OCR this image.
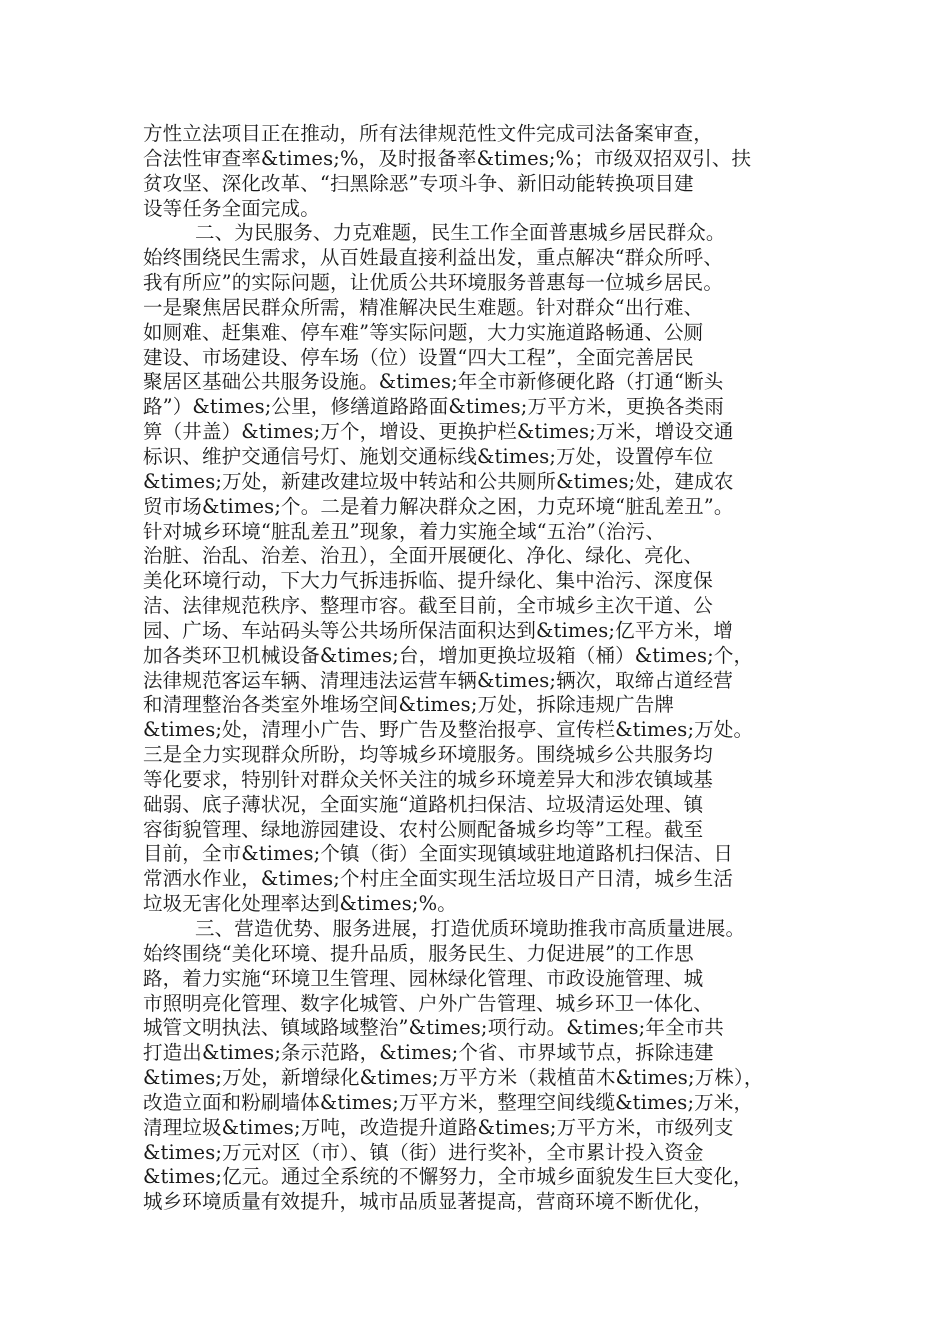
方性立法项目正在推动，所有法律规范性文件完成司法备案审查，
合法性审查率&times;%，及时报备率&times;%；市级双招双引、扶
贫攻坚、深化改革、“扫黑除恶”专项斗争、新旧动能转换项目建
设等任务全面完成。
二、为民服务、力克难题，民生工作全面普惠城乡居民群众。
始终围绕民生需求，从百姓最直接利益出发，重点解决“群众所呼、
我有所应”的实际问题，让优质公共环境服务普惠每一位城乡居民。
一是聚焦居民群众所需，精准解决民生难题。针对群众“出行难、
如厕难、赶集难、停车难”等实际问题，大力实施道路畅通、公厕
建设、市场建设、停车场（位）设置“四大工程”，全面完善居民
聚居区基础公共服务设施。&times;年全市新修硬化路（打通“断头
路”）&times;公里，修缮道路路面&times;万平方米，更换各类雨
箅（井盖）&times;万个，增设、更换护栏&times;万米，增设交通
标识、维护交通信号灯、施划交通标线&times;万处，设置停车位
&times;万处，新建改建垃圾中转站和公共厕所&times;处，建成农
贸市场&times;个。二是着力解决群众之困，力克环境“脏乱差丑”。
针对城乡环境“脏乱差丑”现象，着力实施全域“五治”（治污、
治脏、治乱、治差、治丑），全面开展硬化、净化、绿化、亮化、
美化环境行动，下大力气拆违拆临、提升绿化、集中治污、深度保
洁、法律规范秩序、整理市容。截至目前，全市城乡主次干道、公
园、广场、车站码头等公共场所保洁面积达到&times;亿平方米，增
加各类环卫机械设备&times;台，增加更换垃圾箱（桶）&times;个，
法律规范客运车辆、清理违法运营车辆&times;辆次，取缔占道经营
和清理整治各类室外堆场空间&times;万处，拆除违规广告牌
&times;处，清理小广告、野广告及整治报亭、宣传栏&times;万处。
三是全力实现群众所盼，均等城乡环境服务。围绕城乡公共服务均
等化要求，特别针对群众关怀关注的城乡环境差异大和涉农镇域基
础弱、底子薄状况，全面实施“道路机扫保洁、垃圾清运处理、镇
容街貌管理、绿地游园建设、农村公厕配备城乡均等”工程。截至
目前，全市&times;个镇（街）全面实现镇域驻地道路机扫保洁、日
常洒水作业，&times;个村庄全面实现生活垃圾日产日清，城乡生活
垃圾无害化处理率达到&times;%。
三、营造优势、服务进展，打造优质环境助推我市高质量进展。
始终围绕“美化环境、提升品质，服务民生、力促进展”的工作思
路，着力实施“环境卫生管理、园林绿化管理、市政设施管理、城
市照明亮化管理、数字化城管、户外广告管理、城乡环卫一体化、
城管文明执法、镇域路域整治”&times;项行动。&times;年全市共
打造出&times;条示范路，&times;个省、市界域节点，拆除违建
&times;万处，新增绿化&times;万平方米（栽植苗木&times;万株），
改造立面和粉刷墙体&times;万平方米，整理空间线缆&times;万米，
清理垃圾&times;万吨，改造提升道路&times;万平方米，市级列支
&times;万元对区（市）、镇（街）进行奖补，全市累计投入资金
&times;亿元。通过全系统的不懈努力，全市城乡面貌发生巨大变化，
城乡环境质量有效提升，城市品质显著提高，营商环境不断优化，
